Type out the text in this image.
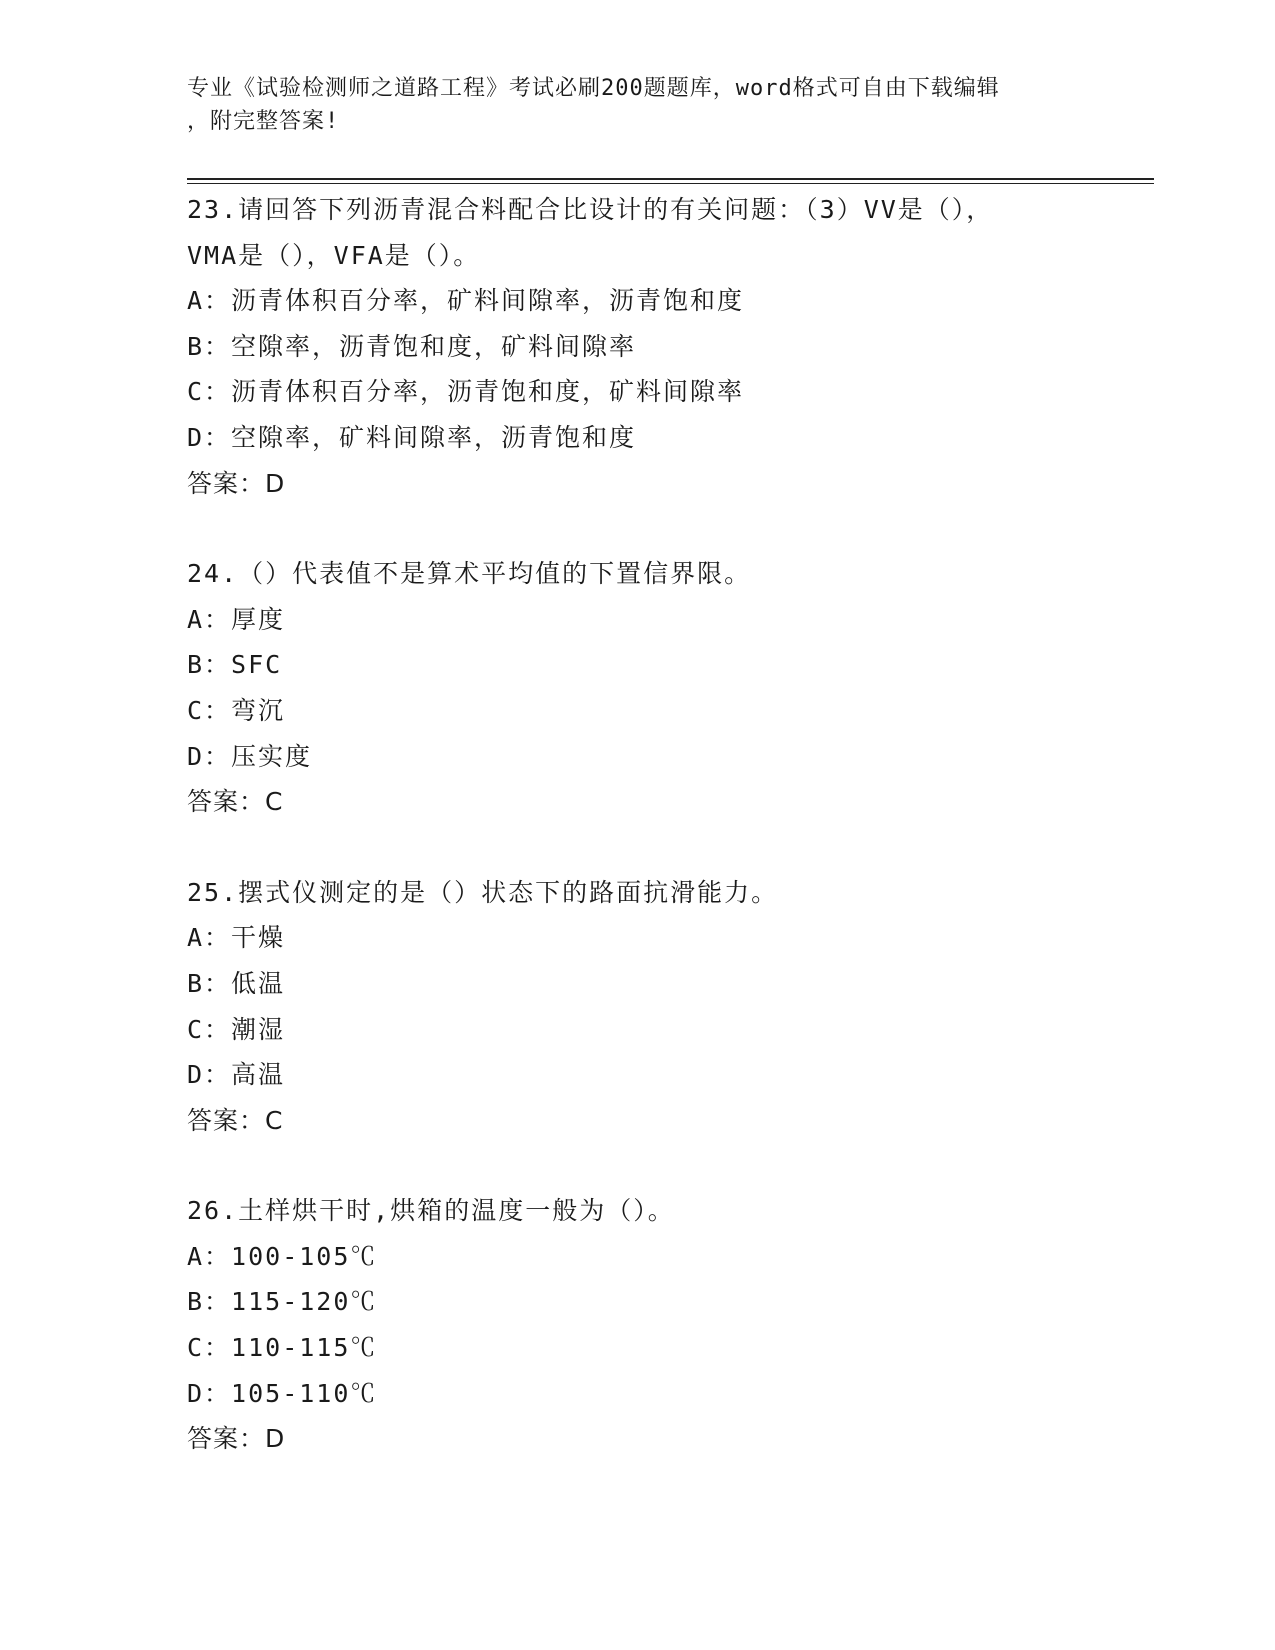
专业《试验检测师之道路工程》考试必刷200题题库，word格式可自由下载编辑
，附完整答案!
23.请回答下列沥青混合料配合比设计的有关问题：（3）VV是（），
VMA是（），VFA是（）。
A：沥青体积百分率，矿料间隙率，沥青饱和度
B：空隙率，沥青饱和度，矿料间隙率
C：沥青体积百分率，沥青饱和度，矿料间隙率
D：空隙率，矿料间隙率，沥青饱和度
答案：D
24.（）代表值不是算术平均值的下置信界限。
A：厚度
B：SFC
C：弯沉
D：压实度
答案：C
25.摆式仪测定的是（）状态下的路面抗滑能力。
A：干燥
B：低温
C：潮湿
D：高温
答案：C
26.土样烘干时,烘箱的温度一般为（）。
A：100-105℃
B：115-120℃
C：110-115℃
D：105-110℃
答案：D
